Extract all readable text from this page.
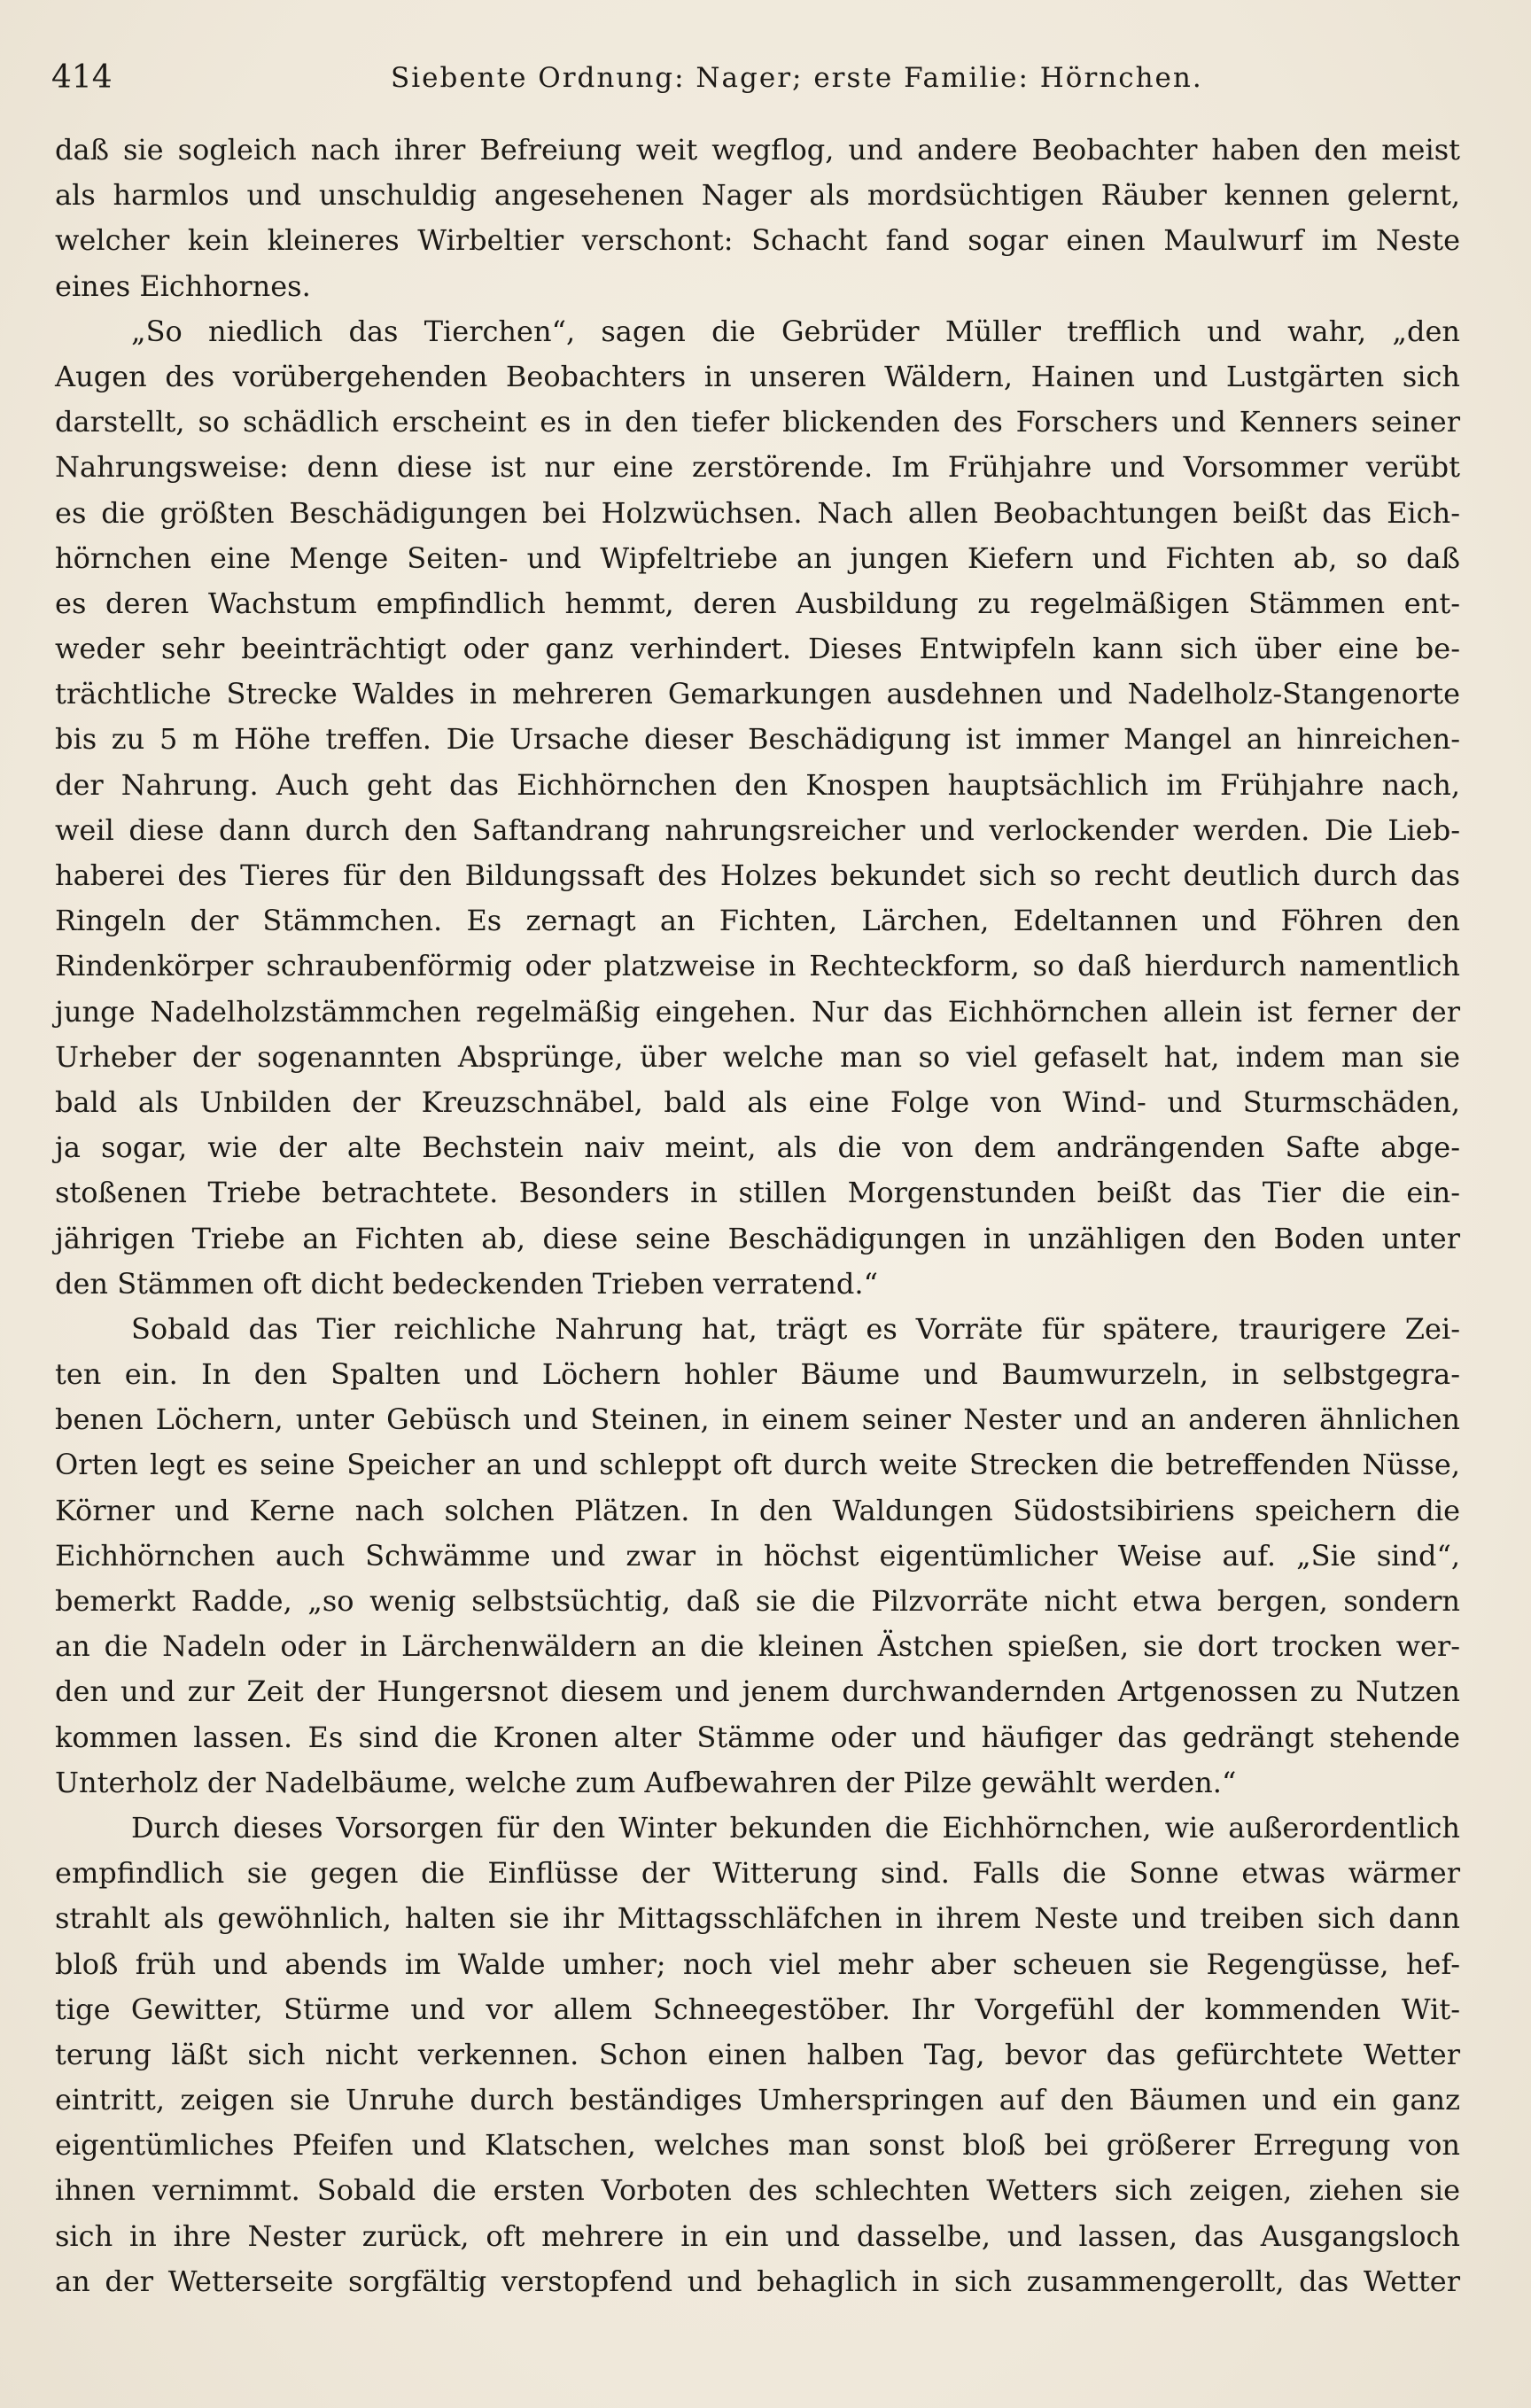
414	Siebente Ordnung: Nager; erste Familie: Hörnchen.
daß sie sogleich nach ihrer Befreiung weit wegflog, und andere Beobachter haben den meist
als harmlos und unschuldig angesehenen Nager als mordsüchtigen Räuber kennen gelernt,
welcher kein kleineres Wirbeltier verschont: Schacht fand sogar einen Maulwurf im Neste
eines Eichhornes.
„So niedlich das Tierchen“, sagen die Gebrüder Müller trefflich und wahr, „den
Augen des vorübergehenden Beobachters in unseren Wäldern, Hainen und Lustgärten sich
darstellt, so schädlich erscheint es in den tiefer blickenden des Forschers und Kenners seiner
Nahrungsweise: denn diese ist nur eine zerstörende. Im Frühjahre und Vorsommer verübt
es die größten Beschädigungen bei Holzwüchsen. Nach allen Beobachtungen beißt das Eich-
hörnchen eine Menge Seiten- und Wipfeltriebe an jungen Kiefern und Fichten ab, so daß
es deren Wachstum empfindlich hemmt, deren Ausbildung zu regelmäßigen Stämmen ent-
weder sehr beeinträchtigt oder ganz verhindert. Dieses Entwipfeln kann sich über eine be-
trächtliche Strecke Waldes in mehreren Gemarkungen ausdehnen und Nadelholz-Stangenorte
bis zu 5 m Höhe treffen. Die Ursache dieser Beschädigung ist immer Mangel an hinreichen-
der Nahrung. Auch geht das Eichhörnchen den Knospen hauptsächlich im Frühjahre nach,
weil diese dann durch den Saftandrang nahrungsreicher und verlockender werden. Die Lieb-
haberei des Tieres für den Bildungssaft des Holzes bekundet sich so recht deutlich durch das
Ringeln der Stämmchen. Es zernagt an Fichten, Lärchen, Edeltannen und Föhren den
Rindenkörper schraubenförmig oder platzweise in Rechteckform, so daß hierdurch namentlich
junge Nadelholzstämmchen regelmäßig eingehen. Nur das Eichhörnchen allein ist ferner der
Urheber der sogenannten Absprünge, über welche man so viel gefaselt hat, indem man sie
bald als Unbilden der Kreuzschnäbel, bald als eine Folge von Wind- und Sturmschäden,
ja sogar, wie der alte Bechstein naiv meint, als die von dem andrängenden Safte abge-
stoßenen Triebe betrachtete. Besonders in stillen Morgenstunden beißt das Tier die ein-
jährigen Triebe an Fichten ab, diese seine Beschädigungen in unzähligen den Boden unter
den Stämmen oft dicht bedeckenden Trieben verratend.“
Sobald das Tier reichliche Nahrung hat, trägt es Vorräte für spätere, traurigere Zei-
ten ein. In den Spalten und Löchern hohler Bäume und Baumwurzeln, in selbstgegra-
benen Löchern, unter Gebüsch und Steinen, in einem seiner Nester und an anderen ähnlichen
Orten legt es seine Speicher an und schleppt oft durch weite Strecken die betreffenden Nüsse,
Körner und Kerne nach solchen Plätzen. In den Waldungen Südostsibiriens speichern die
Eichhörnchen auch Schwämme und zwar in höchst eigentümlicher Weise auf. „Sie sind“,
bemerkt Radde, „so wenig selbstsüchtig, daß sie die Pilzvorräte nicht etwa bergen, sondern
an die Nadeln oder in Lärchenwäldern an die kleinen Ästchen spießen, sie dort trocken wer-
den und zur Zeit der Hungersnot diesem und jenem durchwandernden Artgenossen zu Nutzen
kommen lassen. Es sind die Kronen alter Stämme oder und häufiger das gedrängt stehende
Unterholz der Nadelbäume, welche zum Aufbewahren der Pilze gewählt werden.“
Durch dieses Vorsorgen für den Winter bekunden die Eichhörnchen, wie außerordentlich
empfindlich sie gegen die Einflüsse der Witterung sind. Falls die Sonne etwas wärmer
strahlt als gewöhnlich, halten sie ihr Mittagsschläfchen in ihrem Neste und treiben sich dann
bloß früh und abends im Walde umher; noch viel mehr aber scheuen sie Regengüsse, hef-
tige Gewitter, Stürme und vor allem Schneegestöber. Ihr Vorgefühl der kommenden Wit-
terung läßt sich nicht verkennen. Schon einen halben Tag, bevor das gefürchtete Wetter
eintritt, zeigen sie Unruhe durch beständiges Umherspringen auf den Bäumen und ein ganz
eigentümliches Pfeifen und Klatschen, welches man sonst bloß bei größerer Erregung von
ihnen vernimmt. Sobald die ersten Vorboten des schlechten Wetters sich zeigen, ziehen sie
sich in ihre Nester zurück, oft mehrere in ein und dasselbe, und lassen, das Ausgangsloch
an der Wetterseite sorgfältig verstopfend und behaglich in sich zusammengerollt, das Wetter
